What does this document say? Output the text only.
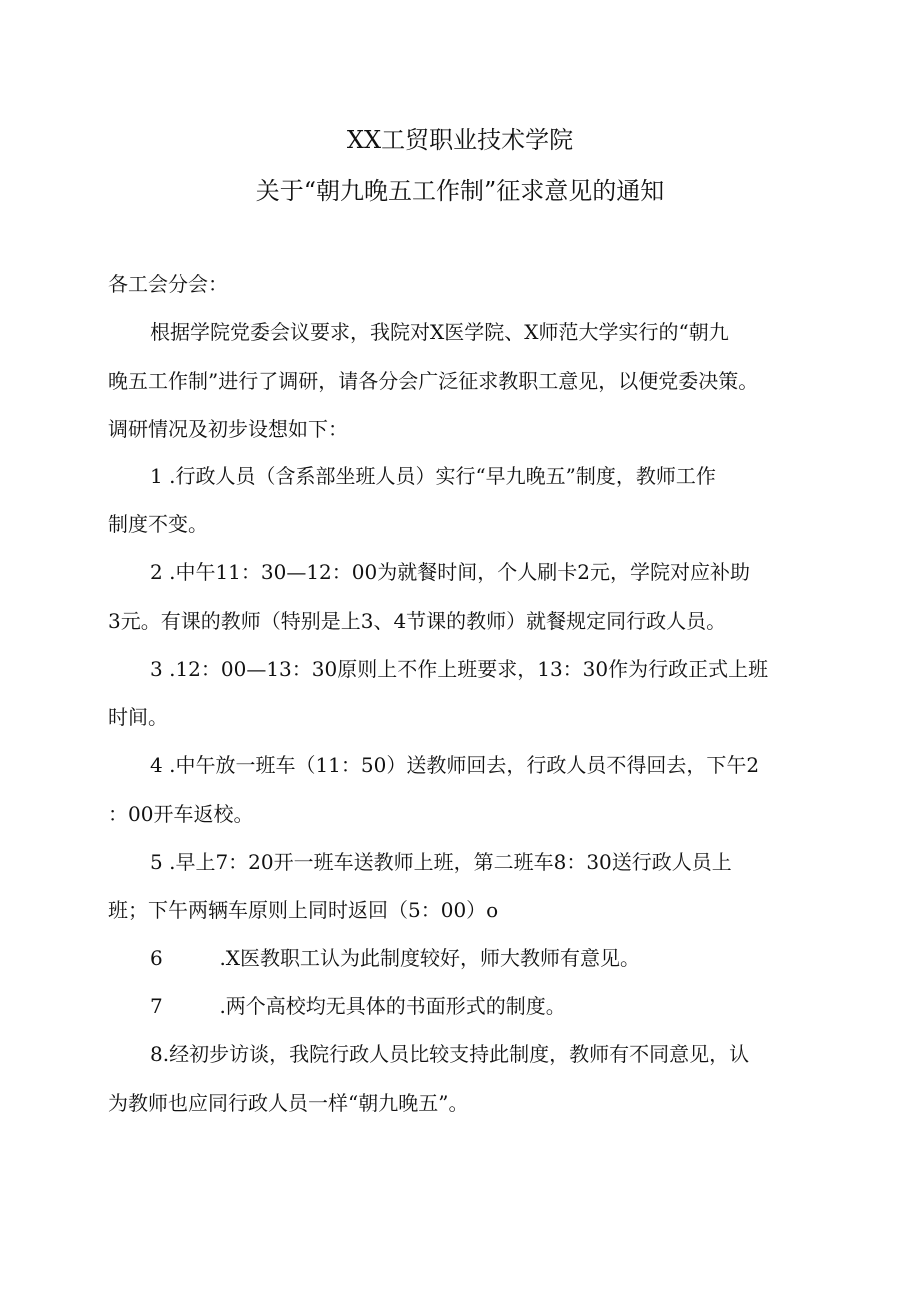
XX工贸职业技术学院
关于“朝九晚五工作制”征求意见的通知
各工会分会：
根据学院党委会议要求，我院对X医学院、X师范大学实行的“朝九
晚五工作制”进行了调研，请各分会广泛征求教职工意见，以便党委决策。
调研情况及初步设想如下：
1 .行政人员（含系部坐班人员）实行“早九晚五”制度，教师工作
制度不变。
2 .中午11：30—12：00为就餐时间，个人刷卡2元，学院对应补助
3元。有课的教师（特别是上3、4节课的教师）就餐规定同行政人员。
3 .12：00—13：30原则上不作上班要求，13：30作为行政正式上班
时间。
4 .中午放一班车（11：50）送教师回去，行政人员不得回去，下午2
：00开车返校。
5 .早上7：20开一班车送教师上班，第二班车8：30送行政人员上
班；下午两辆车原则上同时返回（5：00）o
6	.X医教职工认为此制度较好，师大教师有意见。
7	.两个高校均无具体的书面形式的制度。
8.经初步访谈，我院行政人员比较支持此制度，教师有不同意见，认
为教师也应同行政人员一样“朝九晚五”。
